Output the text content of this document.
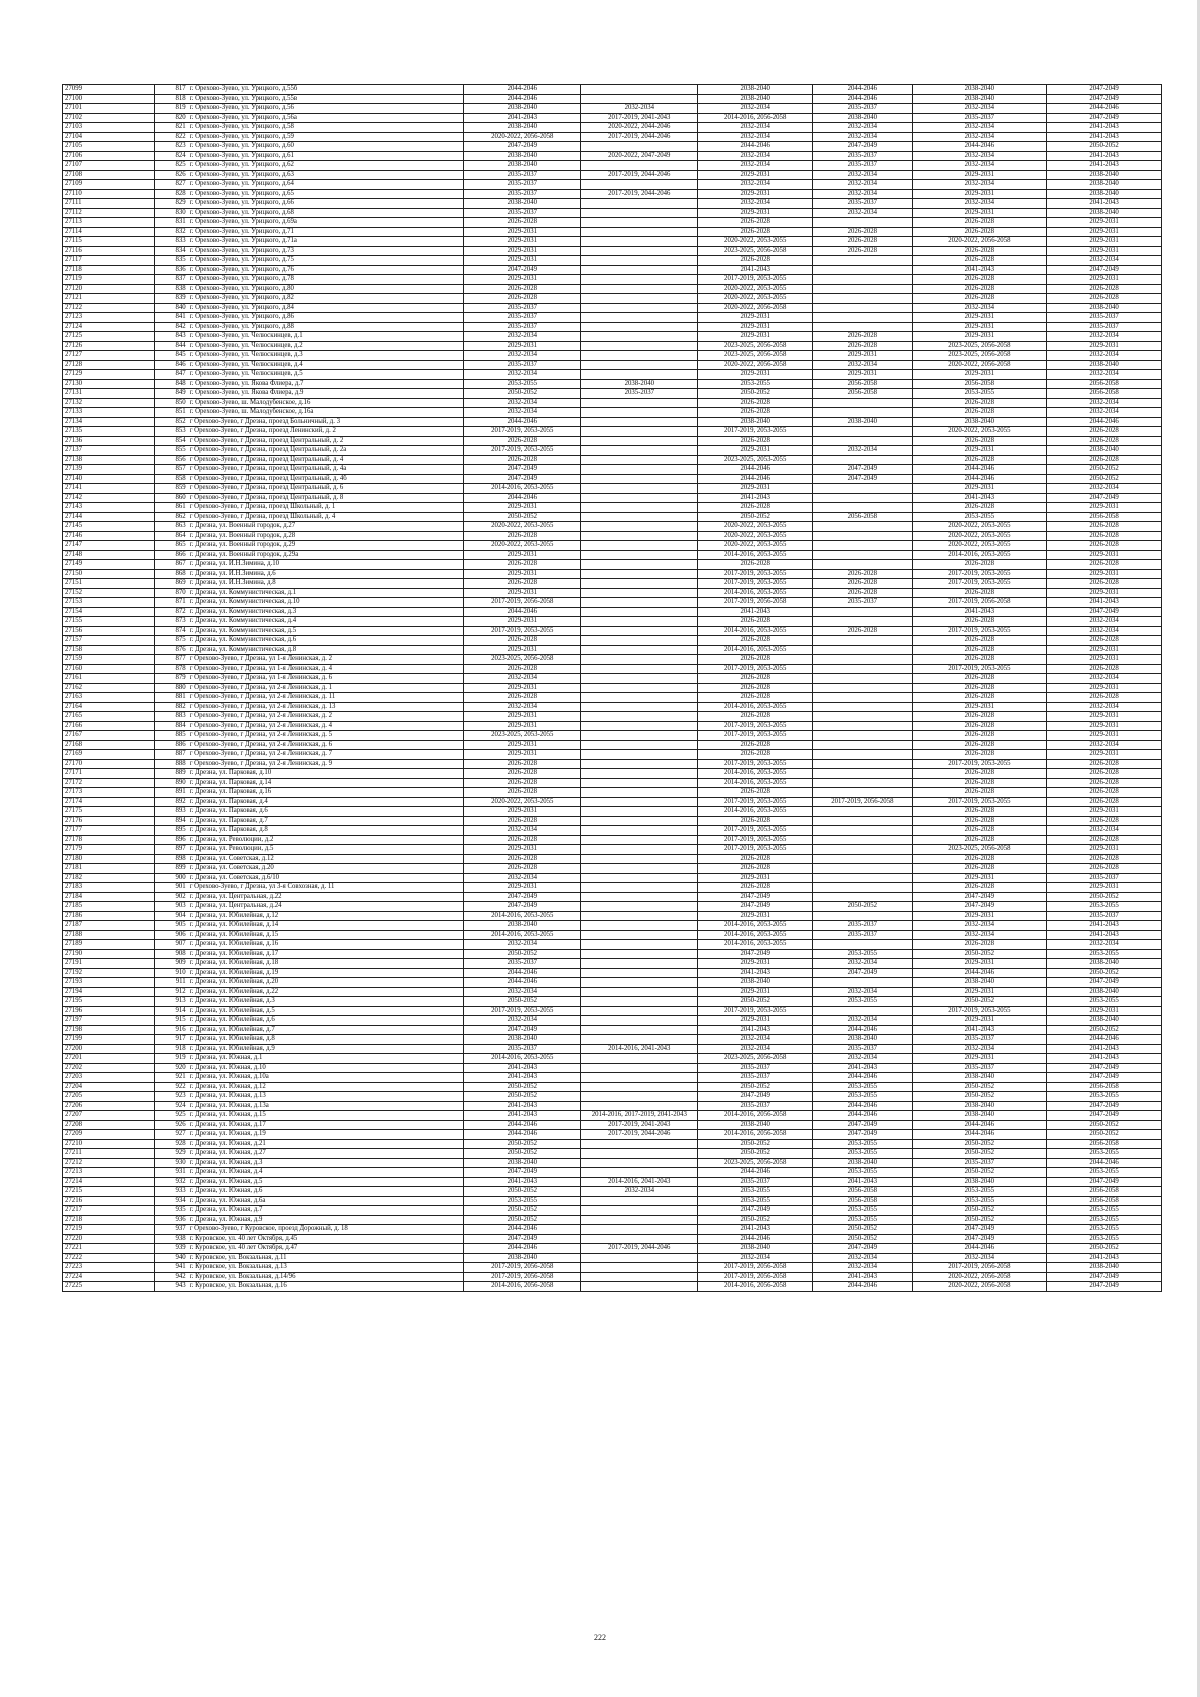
27099	817	г. Орехово-Зуево, ул. Урицкого, д.55б	2044-2046		2038-2040	2044-2046	2038-2040	2047-2049
27100	818	г. Орехово-Зуево, ул. Урицкого, д.55в	2044-2046		2038-2040	2044-2046	2038-2040	2047-2049
27101	819	г. Орехово-Зуево, ул. Урицкого, д.56	2038-2040	2032-2034	2032-2034	2035-2037	2032-2034	2044-2046
27102	820	г. Орехово-Зуево, ул. Урицкого, д.56а	2041-2043	2017-2019, 2041-2043	2014-2016, 2056-2058	2038-2040	2035-2037	2047-2049
27103	821	г. Орехово-Зуево, ул. Урицкого, д.58	2038-2040	2020-2022, 2044-2046	2032-2034	2032-2034	2032-2034	2041-2043
27104	822	г. Орехово-Зуево, ул. Урицкого, д.59	2020-2022, 2056-2058	2017-2019, 2044-2046	2032-2034	2032-2034	2032-2034	2041-2043
27105	823	г. Орехово-Зуево, ул. Урицкого, д.60	2047-2049		2044-2046	2047-2049	2044-2046	2050-2052
27106	824	г. Орехово-Зуево, ул. Урицкого, д.61	2038-2040	2020-2022, 2047-2049	2032-2034	2035-2037	2032-2034	2041-2043
27107	825	г. Орехово-Зуево, ул. Урицкого, д.62	2038-2040		2032-2034	2035-2037	2032-2034	2041-2043
27108	826	г. Орехово-Зуево, ул. Урицкого, д.63	2035-2037	2017-2019, 2044-2046	2029-2031	2032-2034	2029-2031	2038-2040
27109	827	г. Орехово-Зуево, ул. Урицкого, д.64	2035-2037		2032-2034	2032-2034	2032-2034	2038-2040
27110	828	г. Орехово-Зуево, ул. Урицкого, д.65	2035-2037	2017-2019, 2044-2046	2029-2031	2032-2034	2029-2031	2038-2040
27111	829	г. Орехово-Зуево, ул. Урицкого, д.66	2038-2040		2032-2034	2035-2037	2032-2034	2041-2043
27112	830	г. Орехово-Зуево, ул. Урицкого, д.68	2035-2037		2029-2031	2032-2034	2029-2031	2038-2040
27113	831	г. Орехово-Зуево, ул. Урицкого, д.69а	2026-2028		2026-2028		2026-2028	2029-2031
27114	832	г. Орехово-Зуево, ул. Урицкого, д.71	2029-2031		2026-2028	2026-2028	2026-2028	2029-2031
27115	833	г. Орехово-Зуево, ул. Урицкого, д.71а	2029-2031		2020-2022, 2053-2055	2026-2028	2020-2022, 2056-2058	2029-2031
27116	834	г. Орехово-Зуево, ул. Урицкого, д.73	2029-2031		2023-2025, 2056-2058	2026-2028	2026-2028	2029-2031
27117	835	г. Орехово-Зуево, ул. Урицкого, д.75	2029-2031		2026-2028		2026-2028	2032-2034
27118	836	г. Орехово-Зуево, ул. Урицкого, д.76	2047-2049		2041-2043		2041-2043	2047-2049
27119	837	г. Орехово-Зуево, ул. Урицкого, д.78	2029-2031		2017-2019, 2053-2055		2026-2028	2029-2031
27120	838	г. Орехово-Зуево, ул. Урицкого, д.80	2026-2028		2020-2022, 2053-2055		2026-2028	2026-2028
27121	839	г. Орехово-Зуево, ул. Урицкого, д.82	2026-2028		2020-2022, 2053-2055		2026-2028	2026-2028
27122	840	г. Орехово-Зуево, ул. Урицкого, д.84	2035-2037		2020-2022, 2056-2058		2032-2034	2038-2040
27123	841	г. Орехово-Зуево, ул. Урицкого, д.86	2035-2037		2029-2031		2029-2031	2035-2037
27124	842	г. Орехово-Зуево, ул. Урицкого, д.88	2035-2037		2029-2031		2029-2031	2035-2037
27125	843	г. Орехово-Зуево, ул. Челюскинцев, д.1	2032-2034		2029-2031	2026-2028	2029-2031	2032-2034
27126	844	г. Орехово-Зуево, ул. Челюскинцев, д.2	2029-2031		2023-2025, 2056-2058	2026-2028	2023-2025, 2056-2058	2029-2031
27127	845	г. Орехово-Зуево, ул. Челюскинцев, д.3	2032-2034		2023-2025, 2056-2058	2029-2031	2023-2025, 2056-2058	2032-2034
27128	846	г. Орехово-Зуево, ул. Челюскинцев, д.4	2035-2037		2020-2022, 2056-2058	2032-2034	2020-2022, 2056-2058	2038-2040
27129	847	г. Орехово-Зуево, ул. Челюскинцев, д.5	2032-2034		2029-2031	2029-2031	2029-2031	2032-2034
27130	848	г. Орехово-Зуево, ул. Якова Флиера, д.7	2053-2055	2038-2040	2053-2055	2056-2058	2056-2058	2056-2058
27131	849	г. Орехово-Зуево, ул. Якова Флиера, д.9	2050-2052	2035-2037	2050-2052	2056-2058	2053-2055	2056-2058
27132	850	г. Орехово-Зуево, ш. Малодубенское, д.16	2032-2034		2026-2028		2026-2028	2032-2034
27133	851	г. Орехово-Зуево, ш. Малодубенское, д.16а	2032-2034		2026-2028		2026-2028	2032-2034
27134	852	г Орехово-Зуево, г Дрезна, проезд Больничный, д. 3	2044-2046		2038-2040	2038-2040	2038-2040	2044-2046
27135	853	г Орехово-Зуево, г Дрезна, проезд Ленинский, д. 2	2017-2019, 2053-2055		2017-2019, 2053-2055		2020-2022, 2053-2055	2026-2028
27136	854	г Орехово-Зуево, г Дрезна, проезд Центральный, д. 2	2026-2028		2026-2028		2026-2028	2026-2028
27137	855	г Орехово-Зуево, г Дрезна, проезд Центральный, д. 2а	2017-2019, 2053-2055		2029-2031	2032-2034	2029-2031	2038-2040
27138	856	г Орехово-Зуево, г Дрезна, проезд Центральный, д. 4	2026-2028		2023-2025, 2053-2055		2026-2028	2026-2028
27139	857	г Орехово-Зуево, г Дрезна, проезд Центральный, д. 4а	2047-2049		2044-2046	2047-2049	2044-2046	2050-2052
27140	858	г Орехово-Зуево, г Дрезна, проезд Центральный, д. 4б	2047-2049		2044-2046	2047-2049	2044-2046	2050-2052
27141	859	г Орехово-Зуево, г Дрезна, проезд Центральный, д. 6	2014-2016, 2053-2055		2029-2031		2029-2031	2032-2034
27142	860	г Орехово-Зуево, г Дрезна, проезд Центральный, д. 8	2044-2046		2041-2043		2041-2043	2047-2049
27143	861	г Орехово-Зуево, г Дрезна, проезд Школьный, д. 1	2029-2031		2026-2028		2026-2028	2029-2031
27144	862	г Орехово-Зуево, г Дрезна, проезд Школьный, д. 4	2050-2052		2050-2052	2056-2058	2053-2055	2056-2058
27145	863	г. Дрезна, ул. Военный городок, д.27	2020-2022, 2053-2055		2020-2022, 2053-2055		2020-2022, 2053-2055	2026-2028
27146	864	г. Дрезна, ул. Военный городок, д.28	2026-2028		2020-2022, 2053-2055		2020-2022, 2053-2055	2026-2028
27147	865	г. Дрезна, ул. Военный городок, д.29	2020-2022, 2053-2055		2020-2022, 2053-2055		2020-2022, 2053-2055	2026-2028
27148	866	г. Дрезна, ул. Военный городок, д.29а	2029-2031		2014-2016, 2053-2055		2014-2016, 2053-2055	2029-2031
27149	867	г. Дрезна, ул. И.Н.Зимина, д.10	2026-2028		2026-2028		2026-2028	2026-2028
27150	868	г. Дрезна, ул. И.Н.Зимина, д.6	2029-2031		2017-2019, 2053-2055	2026-2028	2017-2019, 2053-2055	2029-2031
27151	869	г. Дрезна, ул. И.Н.Зимина, д.8	2026-2028		2017-2019, 2053-2055	2026-2028	2017-2019, 2053-2055	2026-2028
27152	870	г. Дрезна, ул. Коммунистическая, д.1	2029-2031		2014-2016, 2053-2055	2026-2028	2026-2028	2029-2031
27153	871	г. Дрезна, ул. Коммунистическая, д.10	2017-2019, 2056-2058		2017-2019, 2056-2058	2035-2037	2017-2019, 2056-2058	2041-2043
27154	872	г. Дрезна, ул. Коммунистическая, д.3	2044-2046		2041-2043		2041-2043	2047-2049
27155	873	г. Дрезна, ул. Коммунистическая, д.4	2029-2031		2026-2028		2026-2028	2032-2034
27156	874	г. Дрезна, ул. Коммунистическая, д.5	2017-2019, 2053-2055		2014-2016, 2053-2055	2026-2028	2017-2019, 2053-2055	2032-2034
27157	875	г. Дрезна, ул. Коммунистическая, д.6	2026-2028		2026-2028		2026-2028	2026-2028
27158	876	г. Дрезна, ул. Коммунистическая, д.8	2029-2031		2014-2016, 2053-2055		2026-2028	2029-2031
27159	877	г Орехово-Зуево, г Дрезна, ул 1-я Ленинская, д. 2	2023-2025, 2056-2058		2026-2028		2026-2028	2029-2031
27160	878	г Орехово-Зуево, г Дрезна, ул 1-я Ленинская, д. 4	2026-2028		2017-2019, 2053-2055		2017-2019, 2053-2055	2026-2028
27161	879	г Орехово-Зуево, г Дрезна, ул 1-я Ленинская, д. 6	2032-2034		2026-2028		2026-2028	2032-2034
27162	880	г Орехово-Зуево, г Дрезна, ул 2-я Ленинская, д. 1	2029-2031		2026-2028		2026-2028	2029-2031
27163	881	г Орехово-Зуево, г Дрезна, ул 2-я Ленинская, д. 11	2026-2028		2026-2028		2026-2028	2026-2028
27164	882	г Орехово-Зуево, г Дрезна, ул 2-я Ленинская, д. 13	2032-2034		2014-2016, 2053-2055		2029-2031	2032-2034
27165	883	г Орехово-Зуево, г Дрезна, ул 2-я Ленинская, д. 2	2029-2031		2026-2028		2026-2028	2029-2031
27166	884	г Орехово-Зуево, г Дрезна, ул 2-я Ленинская, д. 4	2029-2031		2017-2019, 2053-2055		2026-2028	2029-2031
27167	885	г Орехово-Зуево, г Дрезна, ул 2-я Ленинская, д. 5	2023-2025, 2053-2055		2017-2019, 2053-2055		2026-2028	2029-2031
27168	886	г Орехово-Зуево, г Дрезна, ул 2-я Ленинская, д. 6	2029-2031		2026-2028		2026-2028	2032-2034
27169	887	г Орехово-Зуево, г Дрезна, ул 2-я Ленинская, д. 7	2029-2031		2026-2028		2026-2028	2029-2031
27170	888	г Орехово-Зуево, г Дрезна, ул 2-я Ленинская, д. 9	2026-2028		2017-2019, 2053-2055		2017-2019, 2053-2055	2026-2028
27171	889	г. Дрезна, ул. Парковая, д.10	2026-2028		2014-2016, 2053-2055		2026-2028	2026-2028
27172	890	г. Дрезна, ул. Парковая, д.14	2026-2028		2014-2016, 2053-2055		2026-2028	2026-2028
27173	891	г. Дрезна, ул. Парковая, д.16	2026-2028		2026-2028		2026-2028	2026-2028
27174	892	г. Дрезна, ул. Парковая, д.4	2020-2022, 2053-2055		2017-2019, 2053-2055	2017-2019, 2056-2058	2017-2019, 2053-2055	2026-2028
27175	893	г. Дрезна, ул. Парковая, д.6	2029-2031		2014-2016, 2053-2055		2026-2028	2029-2031
27176	894	г. Дрезна, ул. Парковая, д.7	2026-2028		2026-2028		2026-2028	2026-2028
27177	895	г. Дрезна, ул. Парковая, д.8	2032-2034		2017-2019, 2053-2055		2026-2028	2032-2034
27178	896	г. Дрезна, ул. Революции, д.2	2026-2028		2017-2019, 2053-2055		2026-2028	2026-2028
27179	897	г. Дрезна, ул. Революции, д.5	2029-2031		2017-2019, 2053-2055		2023-2025, 2056-2058	2029-2031
27180	898	г. Дрезна, ул. Советская, д.12	2026-2028		2026-2028		2026-2028	2026-2028
27181	899	г. Дрезна, ул. Советская, д.20	2026-2028		2026-2028		2026-2028	2026-2028
27182	900	г. Дрезна, ул. Советская, д.6/10	2032-2034		2029-2031		2029-2031	2035-2037
27183	901	г Орехово-Зуево, г Дрезна, ул 3-я Совхозная, д. 11	2029-2031		2026-2028		2026-2028	2029-2031
27184	902	г. Дрезна, ул. Центральная, д.22	2047-2049		2047-2049		2047-2049	2050-2052
27185	903	г. Дрезна, ул. Центральная, д.24	2047-2049		2047-2049	2050-2052	2047-2049	2053-2055
27186	904	г. Дрезна, ул. Юбилейная, д.12	2014-2016, 2053-2055		2029-2031		2029-2031	2035-2037
27187	905	г. Дрезна, ул. Юбилейная, д.14	2038-2040		2014-2016, 2053-2055	2035-2037	2032-2034	2041-2043
27188	906	г. Дрезна, ул. Юбилейная, д.15	2014-2016, 2053-2055		2014-2016, 2053-2055	2035-2037	2032-2034	2041-2043
27189	907	г. Дрезна, ул. Юбилейная, д.16	2032-2034		2014-2016, 2053-2055		2026-2028	2032-2034
27190	908	г. Дрезна, ул. Юбилейная, д.17	2050-2052		2047-2049	2053-2055	2050-2052	2053-2055
27191	909	г. Дрезна, ул. Юбилейная, д.18	2035-2037		2029-2031	2032-2034	2029-2031	2038-2040
27192	910	г. Дрезна, ул. Юбилейная, д.19	2044-2046		2041-2043	2047-2049	2044-2046	2050-2052
27193	911	г. Дрезна, ул. Юбилейная, д.20	2044-2046		2038-2040		2038-2040	2047-2049
27194	912	г. Дрезна, ул. Юбилейная, д.22	2032-2034		2029-2031	2032-2034	2029-2031	2038-2040
27195	913	г. Дрезна, ул. Юбилейная, д.3	2050-2052		2050-2052	2053-2055	2050-2052	2053-2055
27196	914	г. Дрезна, ул. Юбилейная, д.5	2017-2019, 2053-2055		2017-2019, 2053-2055		2017-2019, 2053-2055	2029-2031
27197	915	г. Дрезна, ул. Юбилейная, д.6	2032-2034		2029-2031	2032-2034	2029-2031	2038-2040
27198	916	г. Дрезна, ул. Юбилейная, д.7	2047-2049		2041-2043	2044-2046	2041-2043	2050-2052
27199	917	г. Дрезна, ул. Юбилейная, д.8	2038-2040		2032-2034	2038-2040	2035-2037	2044-2046
27200	918	г. Дрезна, ул. Юбилейная, д.9	2035-2037	2014-2016, 2041-2043	2032-2034	2035-2037	2032-2034	2041-2043
27201	919	г. Дрезна, ул. Южная, д.1	2014-2016, 2053-2055		2023-2025, 2056-2058	2032-2034	2029-2031	2041-2043
27202	920	г. Дрезна, ул. Южная, д.10	2041-2043		2035-2037	2041-2043	2035-2037	2047-2049
27203	921	г. Дрезна, ул. Южная, д.10а	2041-2043		2035-2037	2044-2046	2038-2040	2047-2049
27204	922	г. Дрезна, ул. Южная, д.12	2050-2052		2050-2052	2053-2055	2050-2052	2056-2058
27205	923	г. Дрезна, ул. Южная, д.13	2050-2052		2047-2049	2053-2055	2050-2052	2053-2055
27206	924	г. Дрезна, ул. Южная, д.13а	2041-2043		2035-2037	2044-2046	2038-2040	2047-2049
27207	925	г. Дрезна, ул. Южная, д.15	2041-2043	2014-2016, 2017-2019, 2041-2043	2014-2016, 2056-2058	2044-2046	2038-2040	2047-2049
27208	926	г. Дрезна, ул. Южная, д.17	2044-2046	2017-2019, 2041-2043	2038-2040	2047-2049	2044-2046	2050-2052
27209	927	г. Дрезна, ул. Южная, д.19	2044-2046	2017-2019, 2044-2046	2014-2016, 2056-2058	2047-2049	2044-2046	2050-2052
27210	928	г. Дрезна, ул. Южная, д.21	2050-2052		2050-2052	2053-2055	2050-2052	2056-2058
27211	929	г. Дрезна, ул. Южная, д.27	2050-2052		2050-2052	2053-2055	2050-2052	2053-2055
27212	930	г. Дрезна, ул. Южная, д.3	2038-2040		2023-2025, 2056-2058	2038-2040	2035-2037	2044-2046
27213	931	г. Дрезна, ул. Южная, д.4	2047-2049		2044-2046	2053-2055	2050-2052	2053-2055
27214	932	г. Дрезна, ул. Южная, д.5	2041-2043	2014-2016, 2041-2043	2035-2037	2041-2043	2038-2040	2047-2049
27215	933	г. Дрезна, ул. Южная, д.6	2050-2052	2032-2034	2053-2055	2056-2058	2053-2055	2056-2058
27216	934	г. Дрезна, ул. Южная, д.6а	2053-2055		2053-2055	2056-2058	2053-2055	2056-2058
27217	935	г. Дрезна, ул. Южная, д.7	2050-2052		2047-2049	2053-2055	2050-2052	2053-2055
27218	936	г. Дрезна, ул. Южная, д.9	2050-2052		2050-2052	2053-2055	2050-2052	2053-2055
27219	937	г Орехово-Зуево, г Куровское, проезд Дорожный, д. 18	2044-2046		2041-2043	2050-2052	2047-2049	2053-2055
27220	938	г. Куровское, ул. 40 лет Октября, д.45	2047-2049		2044-2046	2050-2052	2047-2049	2053-2055
27221	939	г. Куровское, ул. 40 лет Октября, д.47	2044-2046	2017-2019, 2044-2046	2038-2040	2047-2049	2044-2046	2050-2052
27222	940	г. Куровское, ул. Вокзальная, д.11	2038-2040		2032-2034	2032-2034	2032-2034	2041-2043
27223	941	г. Куровское, ул. Вокзальная, д.13	2017-2019, 2056-2058		2017-2019, 2056-2058	2032-2034	2017-2019, 2056-2058	2038-2040
27224	942	г. Куровское, ул. Вокзальная, д.14/96	2017-2019, 2056-2058		2017-2019, 2056-2058	2041-2043	2020-2022, 2056-2058	2047-2049
27225	943	г. Куровское, ул. Вокзальная, д.16	2014-2016, 2056-2058		2014-2016, 2056-2058	2044-2046	2020-2022, 2056-2058	2047-2049
222
